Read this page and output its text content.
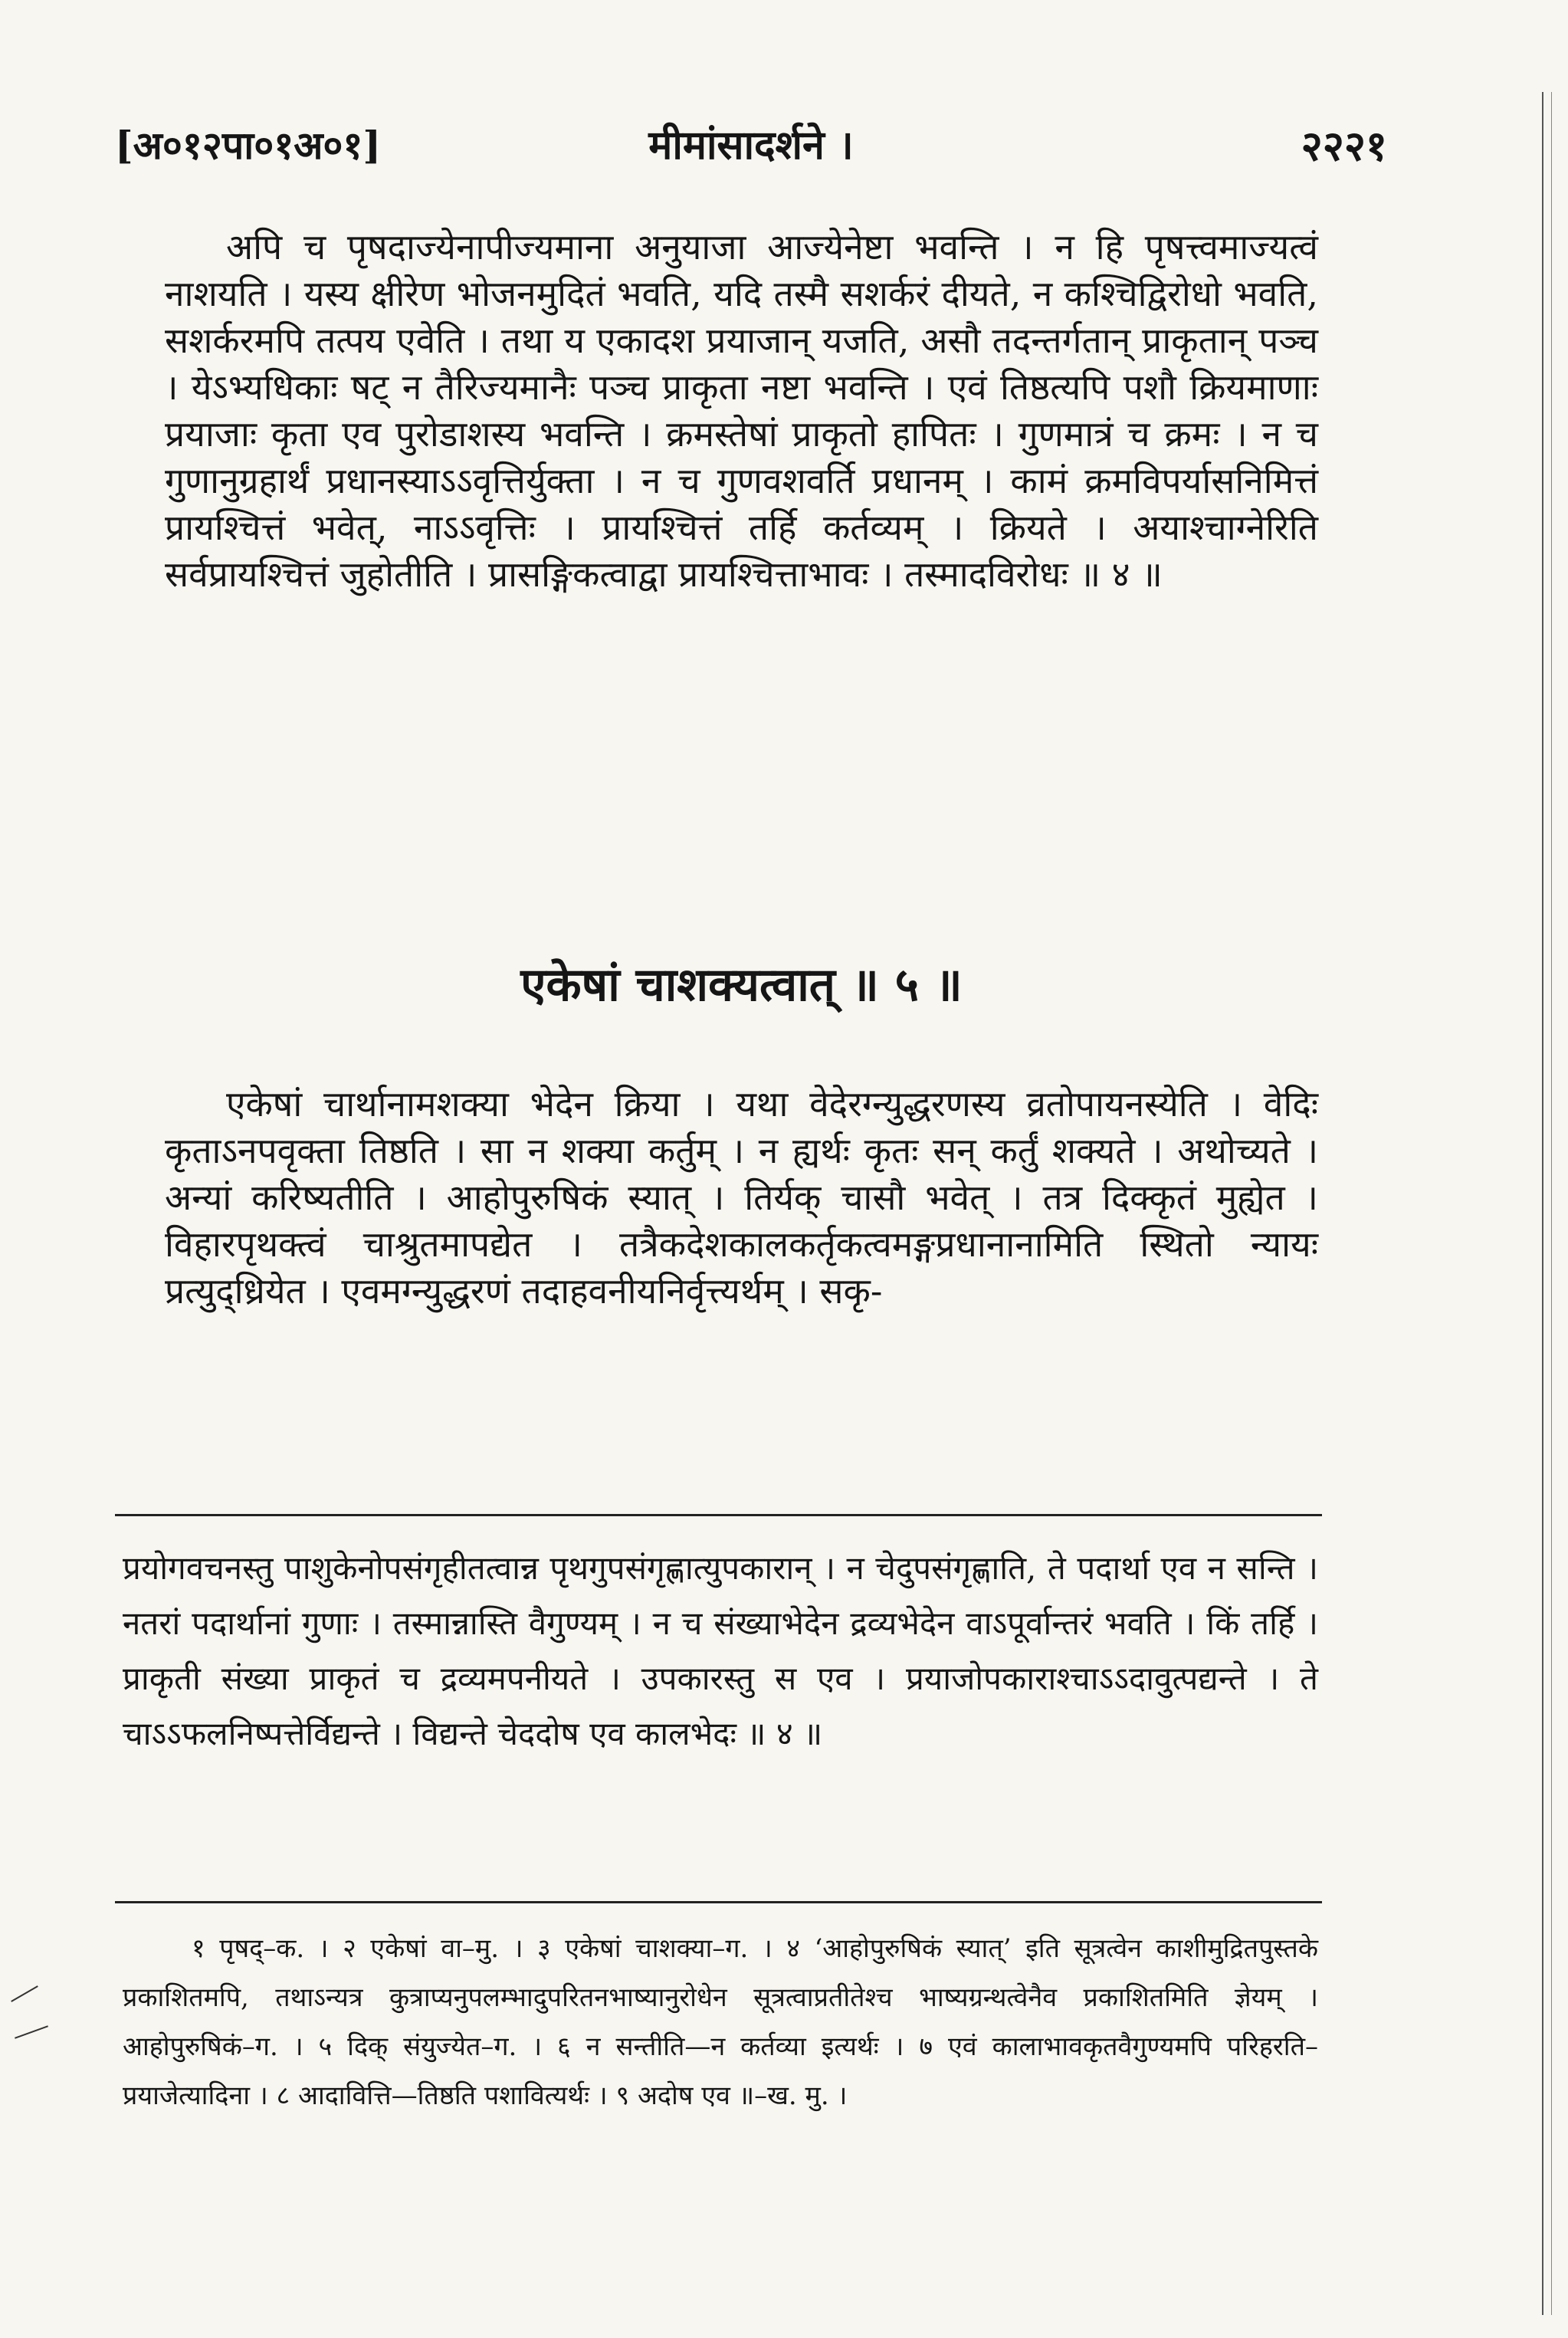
[अ०१२पा०१अ०१]	मीमांसादर्शने ।	२२२१

अपि च पृषदाज्येनापीज्यमाना अनुयाजा आज्येनेष्टा भवन्ति । न हि पृषत्त्वमाज्यत्वं नाशयति । यस्य क्षीरेण भोजनमुदितं भवति, यदि तस्मै सशर्करं दीयते, न कश्चिद्विरोधो भवति, सशर्करमपि तत्पय एवेति । तथा य एकादश प्रयाजान् यजति, असौ तदन्तर्गतान् प्राकृतान् पञ्च । येऽभ्यधिकाः षट् न तैरिज्यमानैः पञ्च प्राकृता नष्टा भवन्ति । एवं तिष्ठत्यपि पशौ क्रियमाणाः प्रयाजाः कृता एव पुरोडाशस्य भवन्ति । क्रमस्तेषां प्राकृतो हापितः । गुणमात्रं च क्रमः । न च गुणानुग्रहार्थं प्रधानस्याऽऽवृत्तिर्युक्ता । न च गुणवशवर्ति प्रधानम् । कामं क्रमविपर्यासनिमित्तं प्रायश्चित्तं भवेत्, नाऽऽवृत्तिः । प्रायश्चित्तं तर्हि कर्तव्यम् । क्रियते । अयाश्चाग्नेरिति सर्वप्रायश्चित्तं जुहोतीति । प्रासङ्गिकत्वाद्वा प्रायश्चित्ताभावः । तस्मादविरोधः ॥ ४ ॥

एकेषां चाशक्यत्वात् ॥ ५ ॥

एकेषां चार्थानामशक्या भेदेन क्रिया । यथा वेदेरग्न्युद्धरणस्य व्रतोपायनस्येति । वेदिः कृताऽनपवृक्ता तिष्ठति । सा न शक्या कर्तुम् । न ह्यर्थः कृतः सन् कर्तुं शक्यते । अथोच्यते । अन्यां करिष्यतीति । आहोपुरुषिकं स्यात् । तिर्यक् चासौ भवेत् । तत्र दिक्कृतं मुह्येत । विहारपृथक्त्वं चाश्रुतमापद्येत । तत्रैकदेशकालकर्तृकत्वमङ्गप्रधानानामिति स्थितो न्यायः प्रत्युद्ध्रियेत । एवमग्न्युद्धरणं तदाहवनीयनिर्वृत्त्यर्थम् । सकृ-

प्रयोगवचनस्तु पाशुकेनोपसंगृहीतत्वान्न पृथगुपसंगृह्णात्युपकारान् । न चेदुपसंगृह्णाति, ते पदार्था एव न सन्ति । नतरां पदार्थानां गुणाः । तस्मान्नास्ति वैगुण्यम् । न च संख्याभेदेन द्रव्यभेदेन वाऽपूर्वान्तरं भवति । किं तर्हि । प्राकृती संख्या प्राकृतं च द्रव्यमपनीयते । उपकारस्तु स एव । प्रयाजोपकाराश्चाऽऽदावुत्पद्यन्ते । ते चाऽऽफलनिष्पत्तेर्विद्यन्ते । विद्यन्ते चेददोष एव कालभेदः ॥ ४ ॥

१ पृषद्–क. । २ एकेषां वा–मु. । ३ एकेषां चाशक्या–ग. । ४ ‘आहोपुरुषिकं स्यात्’ इति सूत्रत्वेन काशीमुद्रितपुस्तके प्रकाशितमपि, तथाऽन्यत्र कुत्राप्यनुपलम्भादुपरितनभाष्यानुरोधेन सूत्रत्वाप्रतीतेश्च भाष्यग्रन्थत्वेनैव प्रकाशितमिति ज्ञेयम् । आहोपुरुषिकं–ग. । ५ दिक् संयुज्येत–ग. । ६ न सन्तीति—न कर्तव्या इत्यर्थः । ७ एवं कालाभावकृतवैगुण्यमपि परिहरति–प्रयाजेत्यादिना । ८ आदावित्ति—तिष्ठति पशावित्यर्थः । ९ अदोष एव ॥–ख. मु. ।
